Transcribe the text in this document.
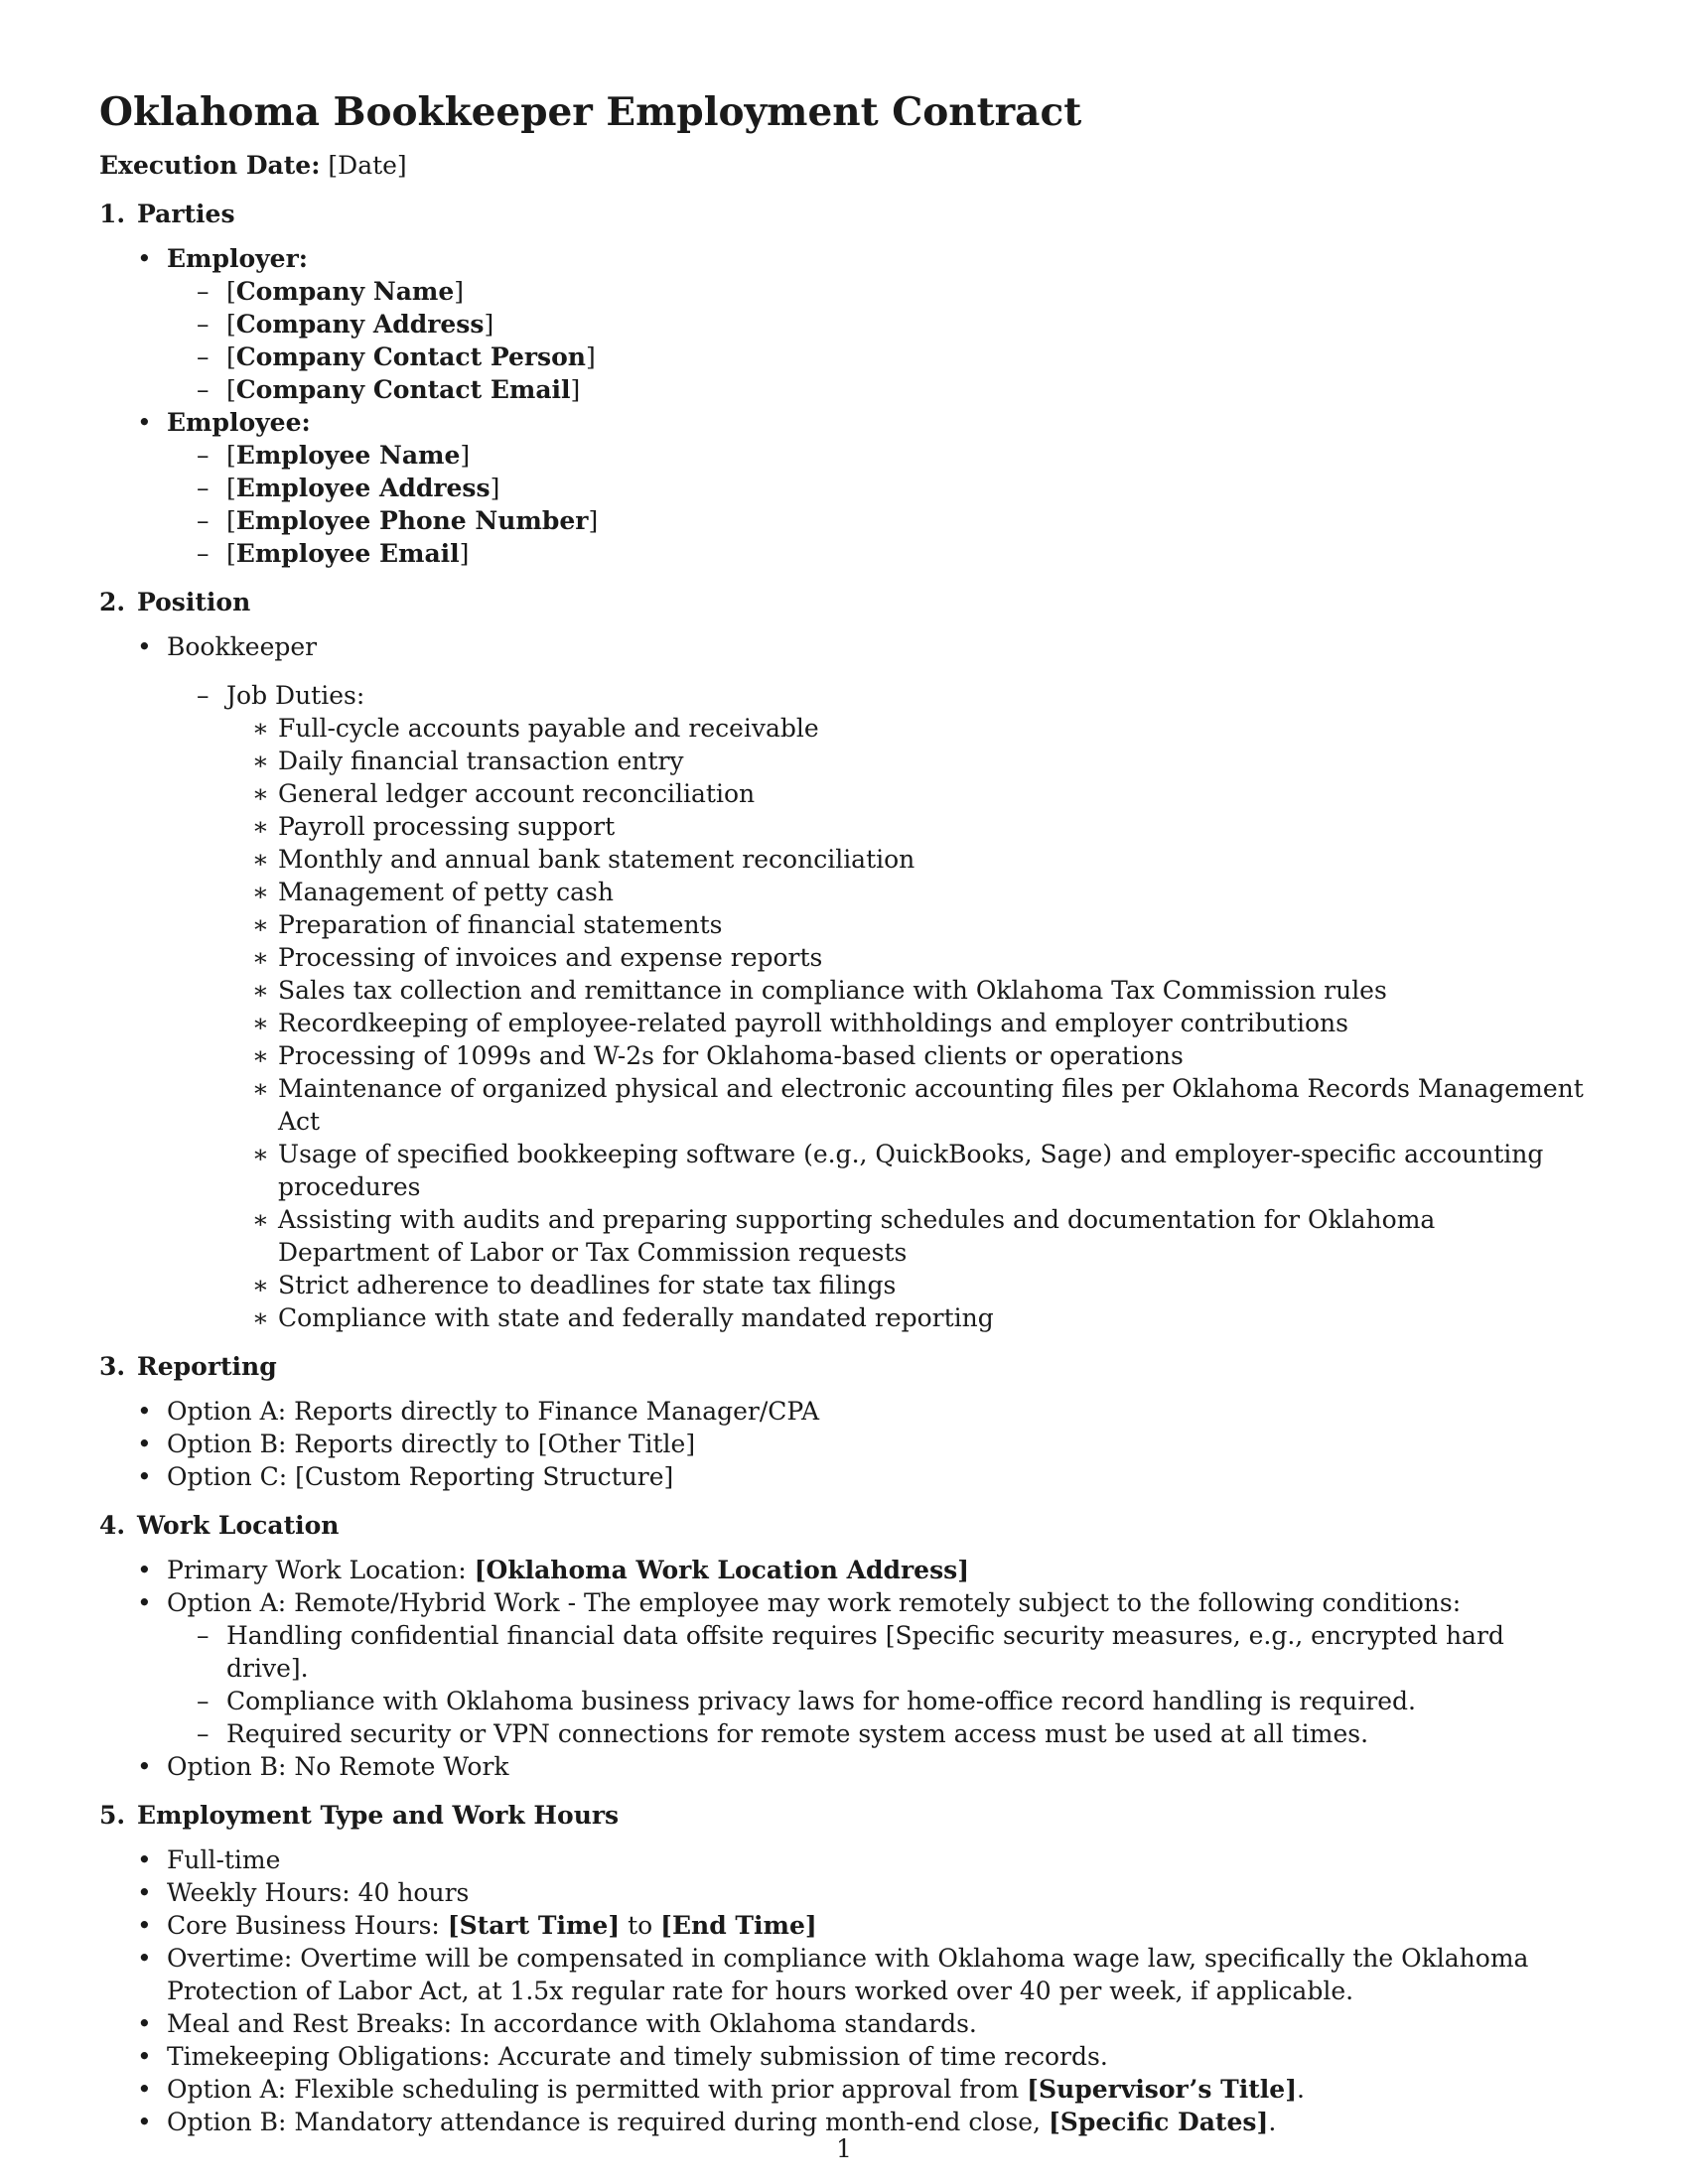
Oklahoma Bookkeeper Employment Contract
Execution Date: [Date]
1. Parties
• Employer:
– [Company Name]
– [Company Address]
– [Company Contact Person]
– [Company Contact Email]
• Employee:
– [Employee Name]
– [Employee Address]
– [Employee Phone Number]
– [Employee Email]
2. Position
• Bookkeeper
– Job Duties:
∗ Full-cycle accounts payable and receivable
∗ Daily financial transaction entry
∗ General ledger account reconciliation
∗ Payroll processing support
∗ Monthly and annual bank statement reconciliation
∗ Management of petty cash
∗ Preparation of financial statements
∗ Processing of invoices and expense reports
∗ Sales tax collection and remittance in compliance with Oklahoma Tax Commission rules
∗ Recordkeeping of employee-related payroll withholdings and employer contributions
∗ Processing of 1099s and W-2s for Oklahoma-based clients or operations
∗ Maintenance of organized physical and electronic accounting files per Oklahoma Records Management Act
∗ Usage of specified bookkeeping software (e.g., QuickBooks, Sage) and employer-specific accounting procedures
∗ Assisting with audits and preparing supporting schedules and documentation for Oklahoma Department of Labor or Tax Commission requests
∗ Strict adherence to deadlines for state tax filings
∗ Compliance with state and federally mandated reporting
3. Reporting
• Option A: Reports directly to Finance Manager/CPA
• Option B: Reports directly to [Other Title]
• Option C: [Custom Reporting Structure]
4. Work Location
• Primary Work Location: [Oklahoma Work Location Address]
• Option A: Remote/Hybrid Work - The employee may work remotely subject to the following conditions:
– Handling confidential financial data offsite requires [Specific security measures, e.g., encrypted hard drive].
– Compliance with Oklahoma business privacy laws for home-office record handling is required.
– Required security or VPN connections for remote system access must be used at all times.
• Option B: No Remote Work
5. Employment Type and Work Hours
• Full-time
• Weekly Hours: 40 hours
• Core Business Hours: [Start Time] to [End Time]
• Overtime: Overtime will be compensated in compliance with Oklahoma wage law, specifically the Oklahoma Protection of Labor Act, at 1.5x regular rate for hours worked over 40 per week, if applicable.
• Meal and Rest Breaks: In accordance with Oklahoma standards.
• Timekeeping Obligations: Accurate and timely submission of time records.
• Option A: Flexible scheduling is permitted with prior approval from [Supervisor’s Title].
• Option B: Mandatory attendance is required during month-end close, [Specific Dates].
1
